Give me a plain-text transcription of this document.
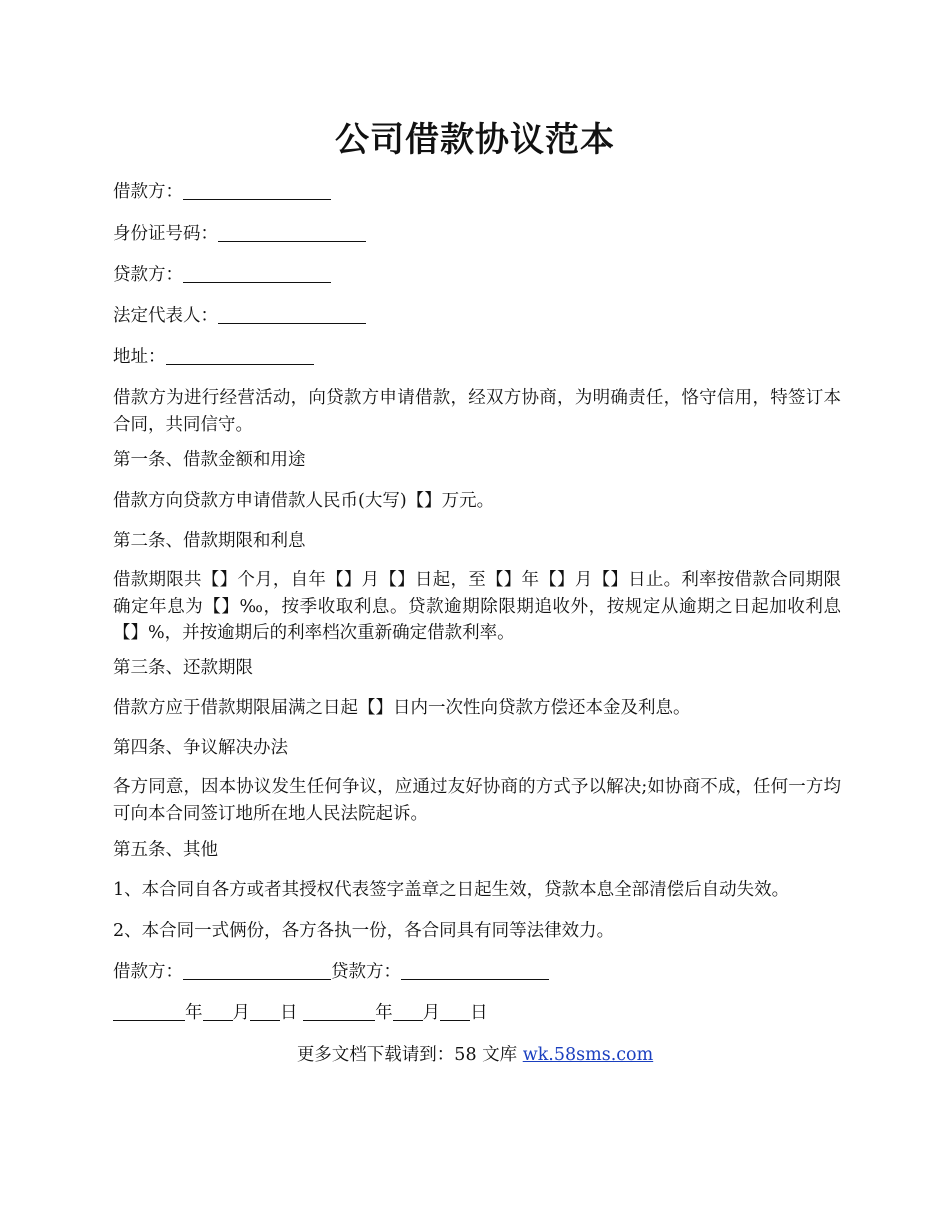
公司借款协议范本
借款方：
身份证号码：
贷款方：
法定代表人：
地址：
借款方为进行经营活动，向贷款方申请借款，经双方协商，为明确责任，恪守信用，特签订本合同，共同信守。
第一条、借款金额和用途
借款方向贷款方申请借款人民币(大写)【】万元。
第二条、借款期限和利息
借款期限共【】个月，自年【】月【】日起，至【】年【】月【】日止。利率按借款合同期限确定年息为【】‰，按季收取利息。贷款逾期除限期追收外，按规定从逾期之日起加收利息【】%，并按逾期后的利率档次重新确定借款利率。
第三条、还款期限
借款方应于借款期限届满之日起【】日内一次性向贷款方偿还本金及利息。
第四条、争议解决办法
各方同意，因本协议发生任何争议，应通过友好协商的方式予以解决;如协商不成，任何一方均可向本合同签订地所在地人民法院起诉。
第五条、其他
1、本合同自各方或者其授权代表签字盖章之日起生效，贷款本息全部清偿后自动失效。
2、本合同一式俩份，各方各执一份，各合同具有同等法律效力。
借款方：	贷款方：
年 月 日	年 月 日
更多文档下载请到：58 文库 wk.58sms.com
